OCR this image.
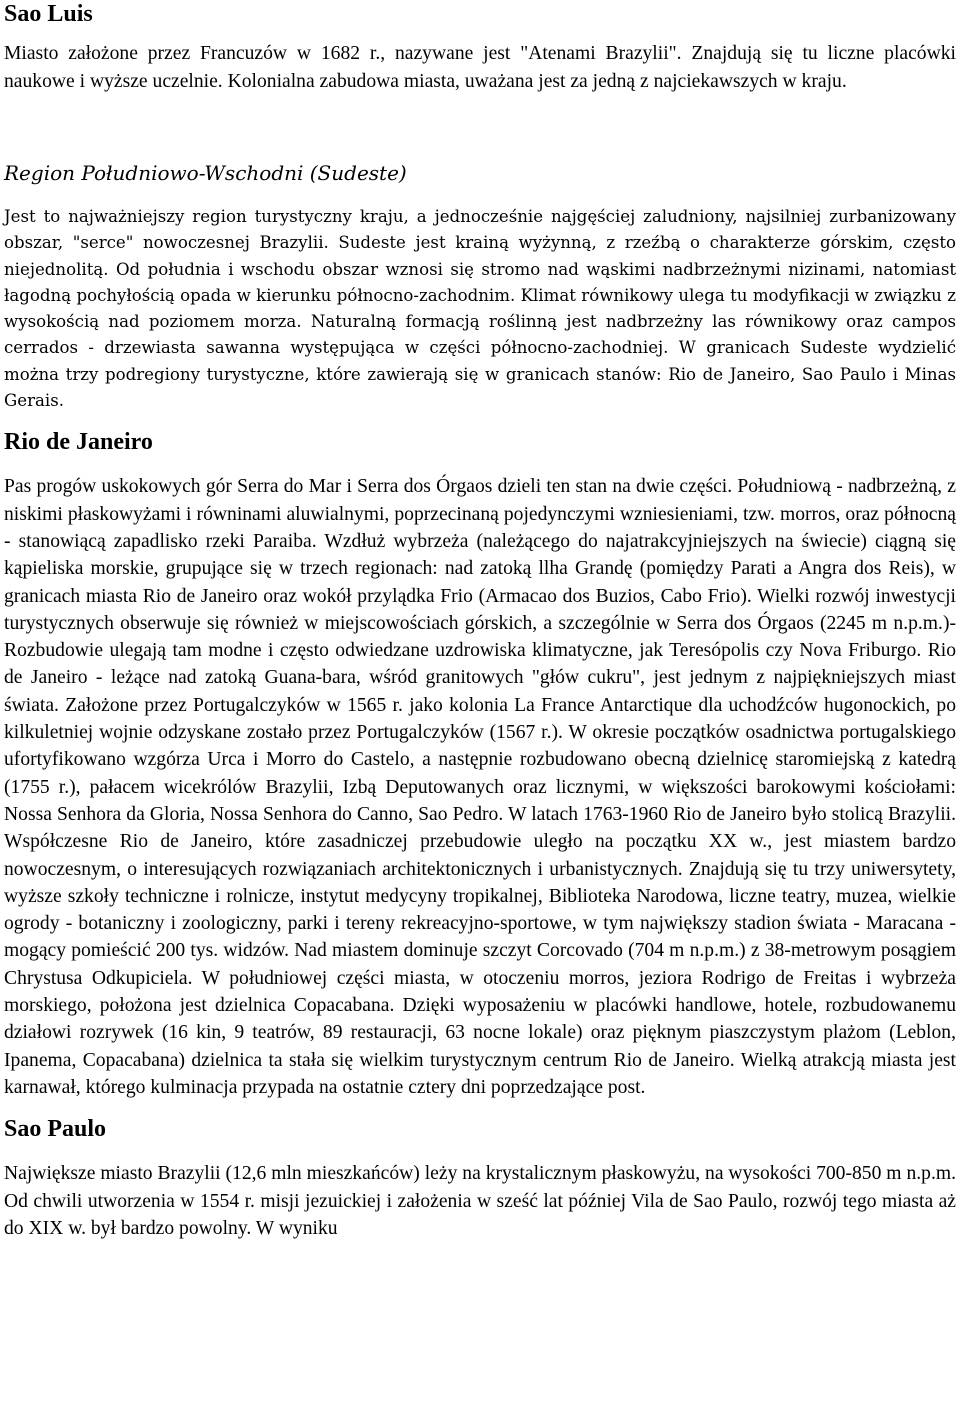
Sao Luis

Miasto założone przez Francuzów w 1682 r., nazywane jest "Atenami Brazylii". Znajdują się tu liczne placówki naukowe i wyższe uczelnie. Kolonialna zabudowa miasta, uważana jest za jedną z najciekawszych w kraju.

Region Południowo-Wschodni (Sudeste)

Jest to najważniejszy region turystyczny kraju, a jednocześnie najgęściej zaludniony, najsilniej zurbanizowany obszar, "serce" nowoczesnej Brazylii. Sudeste jest krainą wyżynną, z rzeźbą o charakterze górskim, często niejednolitą. Od południa i wschodu obszar wznosi się stromo nad wąskimi nadbrzeżnymi nizinami, natomiast łagodną pochyłością opada w kierunku północno-zachodnim. Klimat równikowy ulega tu modyfikacji w związku z wysokością nad poziomem morza. Naturalną formacją roślinną jest nadbrzeżny las równikowy oraz campos cerrados - drzewiasta sawanna występująca w części północno-zachodniej. W granicach Sudeste wydzielić można trzy podregiony turystyczne, które zawierają się w granicach stanów: Rio de Janeiro, Sao Paulo i Minas Gerais.

Rio de Janeiro

Pas progów uskokowych gór Serra do Mar i Serra dos Órgaos dzieli ten stan na dwie części. Południową - nadbrzeżną, z niskimi płaskowyżami i równinami aluwialnymi, poprzecinaną pojedynczymi wzniesieniami, tzw. morros, oraz północną - stanowiącą zapadlisko rzeki Paraiba. Wzdłuż wybrzeża (należącego do najatrakcyjniejszych na świecie) ciągną się kąpieliska morskie, grupujące się w trzech regionach: nad zatoką llha Grandę (pomiędzy Parati a Angra dos Reis), w granicach miasta Rio de Janeiro oraz wokół przylądka Frio (Armacao dos Buzios, Cabo Frio). Wielki rozwój inwestycji turystycznych obserwuje się również w miejscowościach górskich, a szczególnie w Serra dos Órgaos (2245 m n.p.m.)- Rozbudowie ulegają tam modne i często odwiedzane uzdrowiska klimatyczne, jak Teresópolis czy Nova Friburgo. Rio de Janeiro - leżące nad zatoką Guana-bara, wśród granitowych "głów cukru", jest jednym z najpiękniejszych miast świata. Założone przez Portugalczyków w 1565 r. jako kolonia La France Antarctique dla uchodźców hugonockich, po kilkuletniej wojnie odzyskane zostało przez Portugalczyków (1567 r.). W okresie początków osadnictwa portugalskiego ufortyfikowano wzgórza Urca i Morro do Castelo, a następnie rozbudowano obecną dzielnicę staromiejską z katedrą (1755 r.), pałacem wicekrólów Brazylii, Izbą Deputowanych oraz licznymi, w większości barokowymi kościołami: Nossa Senhora da Gloria, Nossa Senhora do Canno, Sao Pedro. W latach 1763-1960 Rio de Janeiro było stolicą Brazylii. Współczesne Rio de Janeiro, które zasadniczej przebudowie uległo na początku XX w., jest miastem bardzo nowoczesnym, o interesujących rozwiązaniach architektonicznych i urbanistycznych. Znajdują się tu trzy uniwersytety, wyższe szkoły techniczne i rolnicze, instytut medycyny tropikalnej, Biblioteka Narodowa, liczne teatry, muzea, wielkie ogrody - botaniczny i zoologiczny, parki i tereny rekreacyjno-sportowe, w tym największy stadion świata - Maracana - mogący pomieścić 200 tys. widzów. Nad miastem dominuje szczyt Corcovado (704 m n.p.m.) z 38-metrowym posągiem Chrystusa Odkupiciela. W południowej części miasta, w otoczeniu morros, jeziora Rodrigo de Freitas i wybrzeża morskiego, położona jest dzielnica Copacabana. Dzięki wyposażeniu w placówki handlowe, hotele, rozbudowanemu działowi rozrywek (16 kin, 9 teatrów, 89 restauracji, 63 nocne lokale) oraz pięknym piaszczystym plażom (Leblon, Ipanema, Copacabana) dzielnica ta stała się wielkim turystycznym centrum Rio de Janeiro. Wielką atrakcją miasta jest karnawał, którego kulminacja przypada na ostatnie cztery dni poprzedzające post.

Sao Paulo

Największe miasto Brazylii (12,6 mln mieszkańców) leży na krystalicznym płaskowyżu, na wysokości 700-850 m n.p.m. Od chwili utworzenia w 1554 r. misji jezuickiej i założenia w sześć lat później Vila de Sao Paulo, rozwój tego miasta aż do XIX w. był bardzo powolny. W wyniku
